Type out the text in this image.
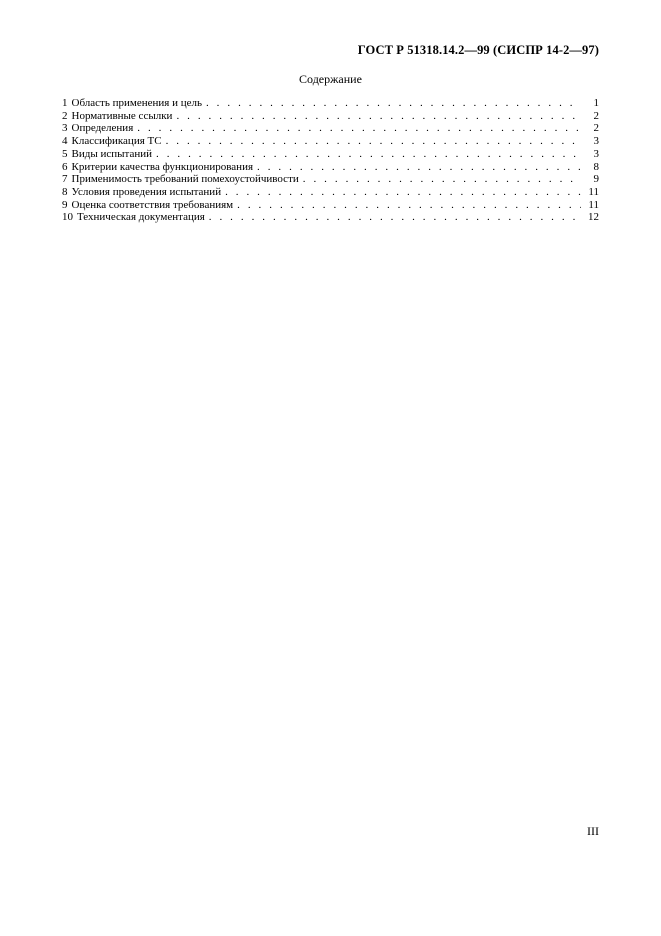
ГОСТ Р 51318.14.2—99 (СИСПР 14-2—97)
Содержание
1 Область применения и цель . . .	1
2 Нормативные ссылки . . .	2
3 Определения . . .	2
4 Классификация ТС . . .	3
5 Виды испытаний . . .	3
6 Критерии качества функционирования . . .	8
7 Применимость требований помехоустойчивости . . .	9
8 Условия проведения испытаний . . .	11
9 Оценка соответствия требованиям . . .	11
10 Техническая документация . . .	12
III
